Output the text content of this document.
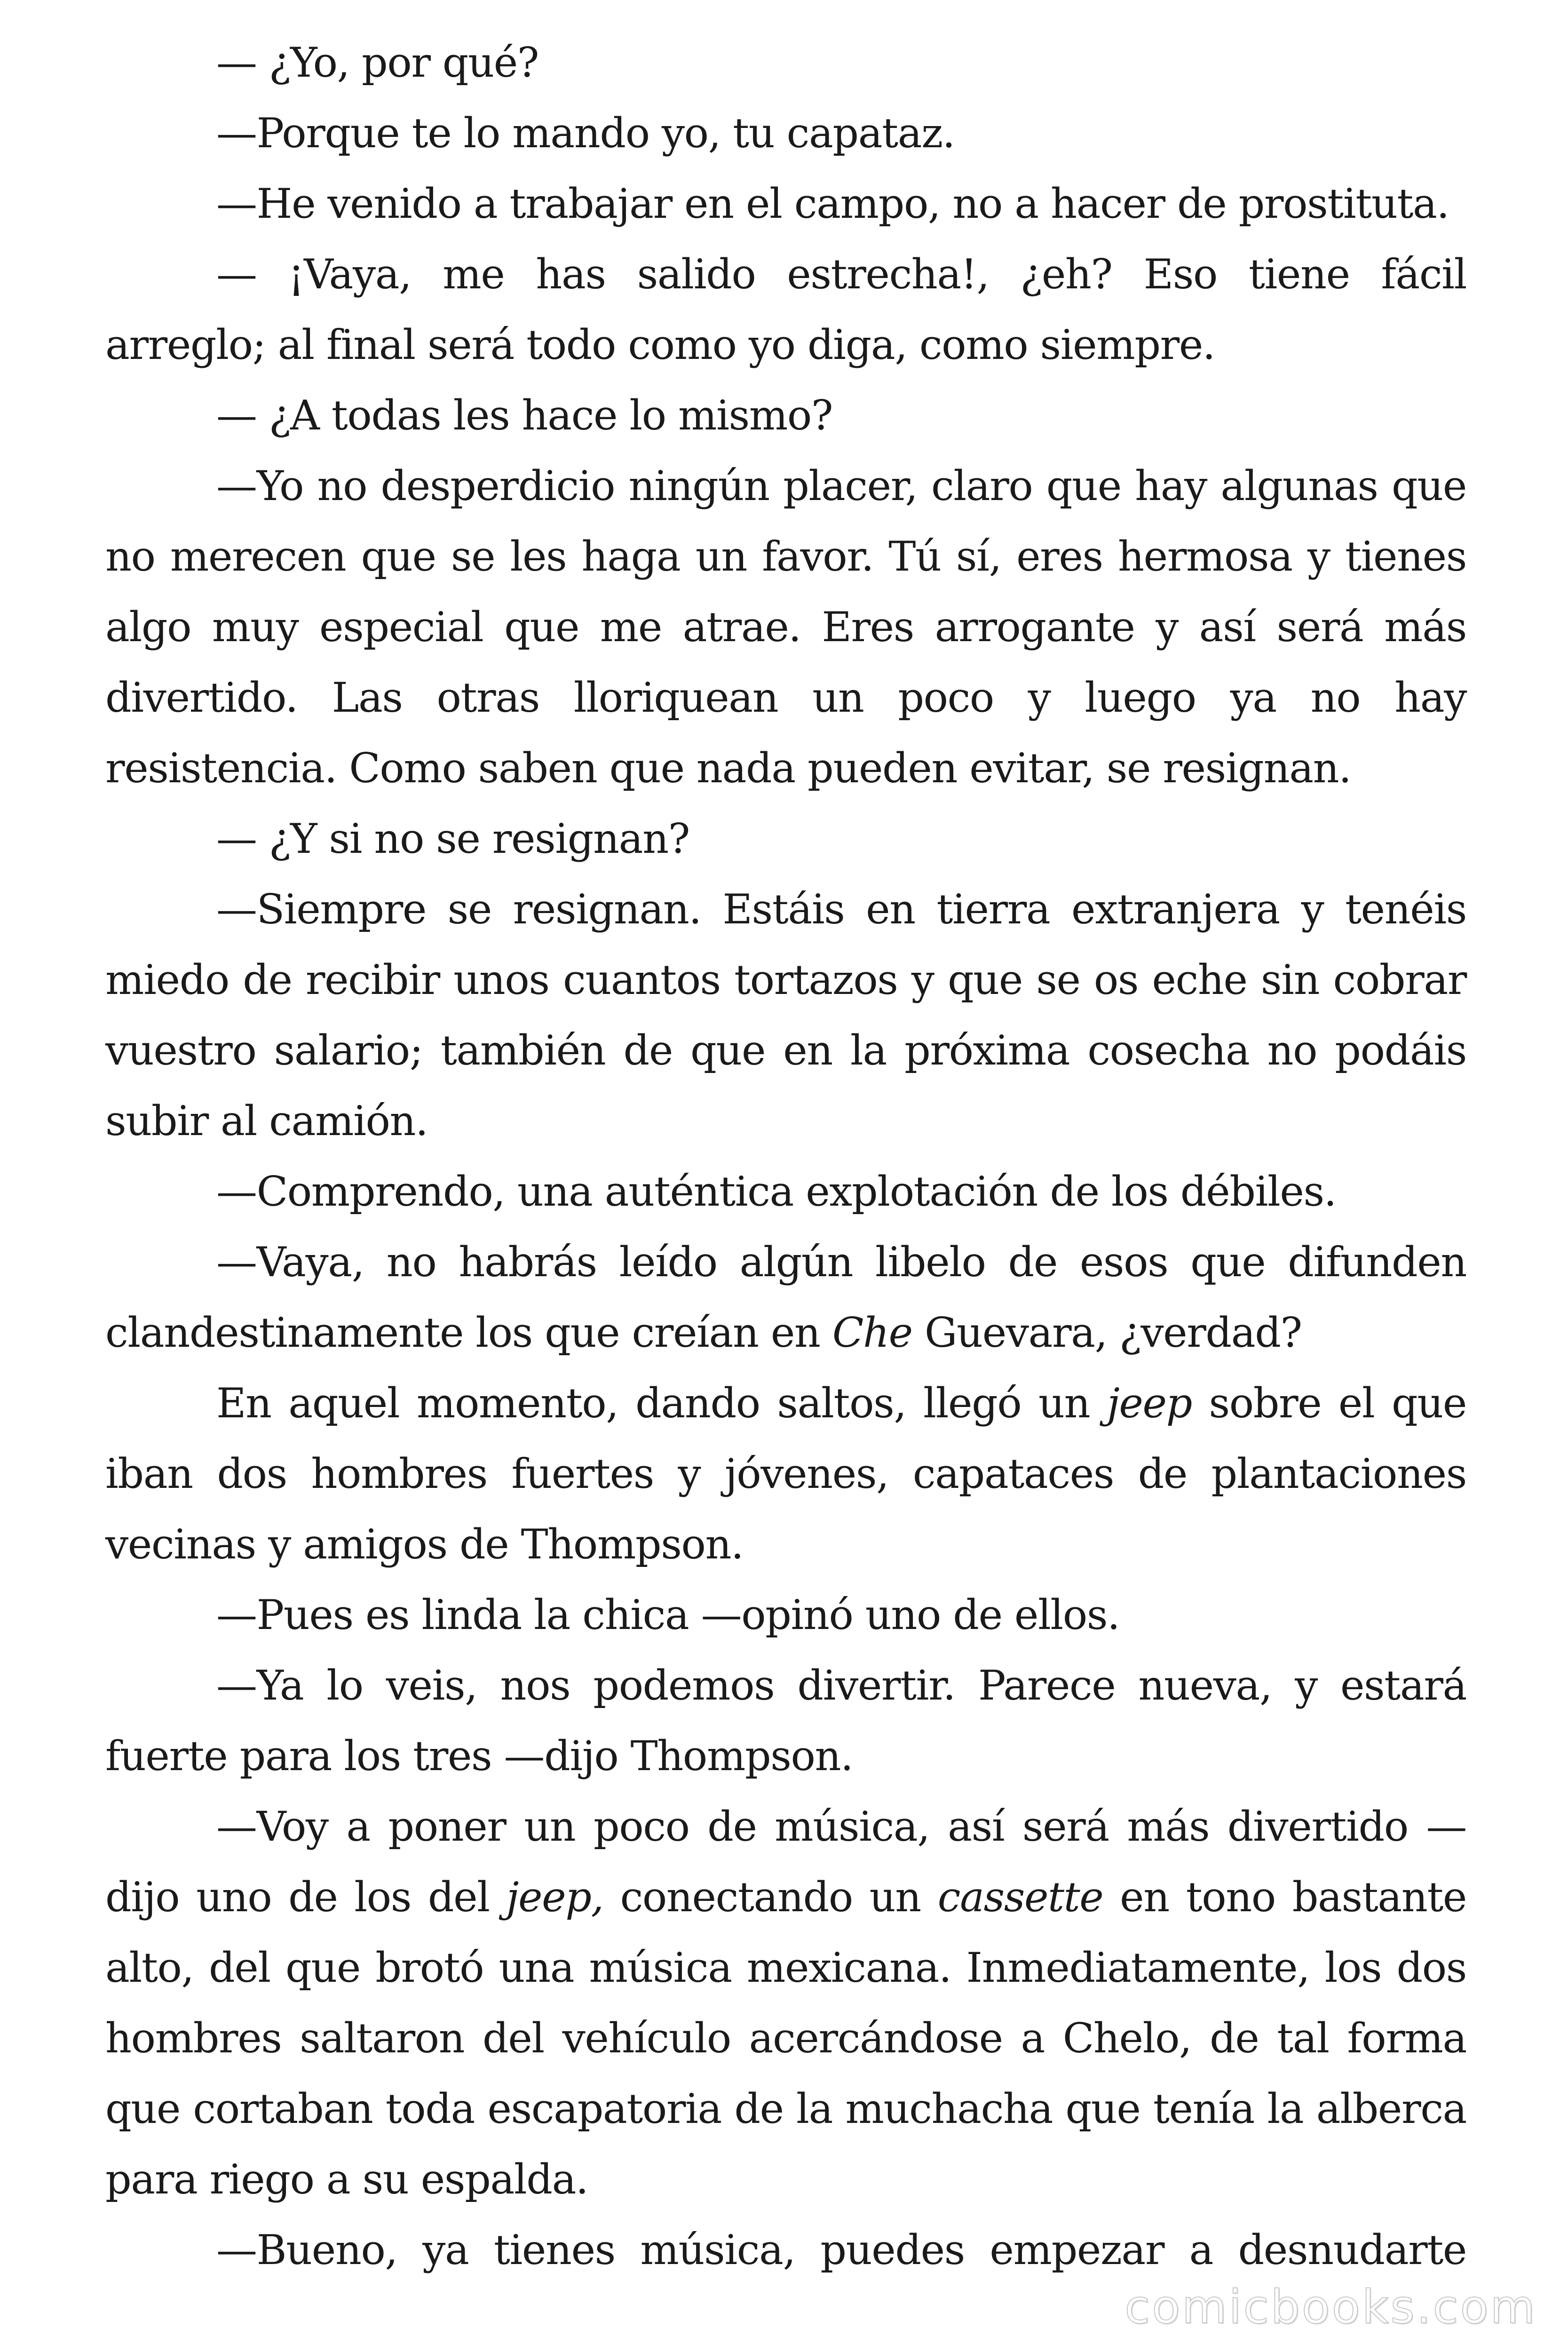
— ¿Yo, por qué?

—Porque te lo mando yo, tu capataz.

—He venido a trabajar en el campo, no a hacer de prostituta.

— ¡Vaya, me has salido estrecha!, ¿eh? Eso tiene fácil arreglo; al final será todo como yo diga, como siempre.

— ¿A todas les hace lo mismo?

—Yo no desperdicio ningún placer, claro que hay algunas que no merecen que se les haga un favor. Tú sí, eres hermosa y tienes algo muy especial que me atrae. Eres arrogante y así será más divertido. Las otras lloriquean un poco y luego ya no hay resistencia. Como saben que nada pueden evitar, se resignan.

— ¿Y si no se resignan?

—Siempre se resignan. Estáis en tierra extranjera y tenéis miedo de recibir unos cuantos tortazos y que se os eche sin cobrar vuestro salario; también de que en la próxima cosecha no podáis subir al camión.

—Comprendo, una auténtica explotación de los débiles.

—Vaya, no habrás leído algún libelo de esos que difunden clandestinamente los que creían en Che Guevara, ¿verdad?

En aquel momento, dando saltos, llegó un jeep sobre el que iban dos hombres fuertes y jóvenes, capataces de plantaciones vecinas y amigos de Thompson.

—Pues es linda la chica —opinó uno de ellos.

—Ya lo veis, nos podemos divertir. Parece nueva, y estará fuerte para los tres —dijo Thompson.

—Voy a poner un poco de música, así será más divertido —dijo uno de los del jeep, conectando un cassette en tono bastante alto, del que brotó una música mexicana. Inmediatamente, los dos hombres saltaron del vehículo acercándose a Chelo, de tal forma que cortaban toda escapatoria de la muchacha que tenía la alberca para riego a su espalda.

—Bueno, ya tienes música, puedes empezar a desnudarte

comicbooks.com
